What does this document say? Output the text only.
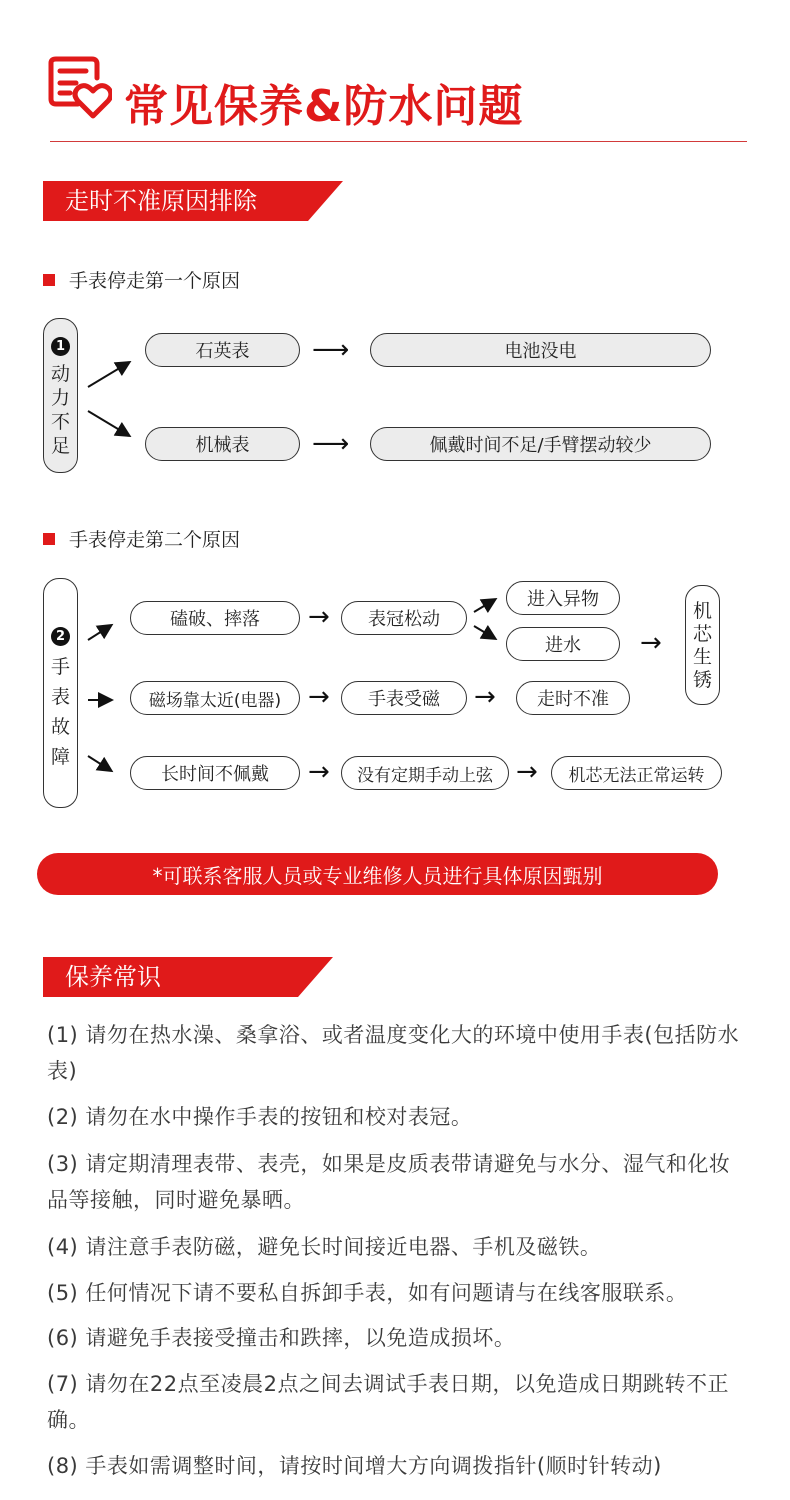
常见保养&防水问题
走时不准原因排除
手表停走第一个原因
1
动
力
不
足
石英表	⟶	电池没电
机械表	⟶	佩戴时间不足/手臂摆动较少
手表停走第二个原因
2
手
表
故
障
磕破、摔落	→	表冠松动
进入异物
进水	→
机
芯
生
锈
磁场靠太近(电器)	→	手表受磁	→	走时不准
长时间不佩戴	→	没有定期手动上弦 →	机芯无法正常运转
*可联系客服人员或专业维修人员进行具体原因甄别
保养常识
(1) 请勿在热水澡、桑拿浴、或者温度变化大的环境中使用手表(包括防水表)
(2) 请勿在水中操作手表的按钮和校对表冠。
(3) 请定期清理表带、表壳，如果是皮质表带请避免与水分、湿气和化妆品等接触，同时避免暴晒。
(4) 请注意手表防磁，避免长时间接近电器、手机及磁铁。
(5) 任何情况下请不要私自拆卸手表，如有问题请与在线客服联系。
(6) 请避免手表接受撞击和跌摔，以免造成损坏。
(7) 请勿在22点至凌晨2点之间去调试手表日期，以免造成日期跳转不正确。
(8) 手表如需调整时间，请按时间增大方向调拨指针(顺时针转动)
